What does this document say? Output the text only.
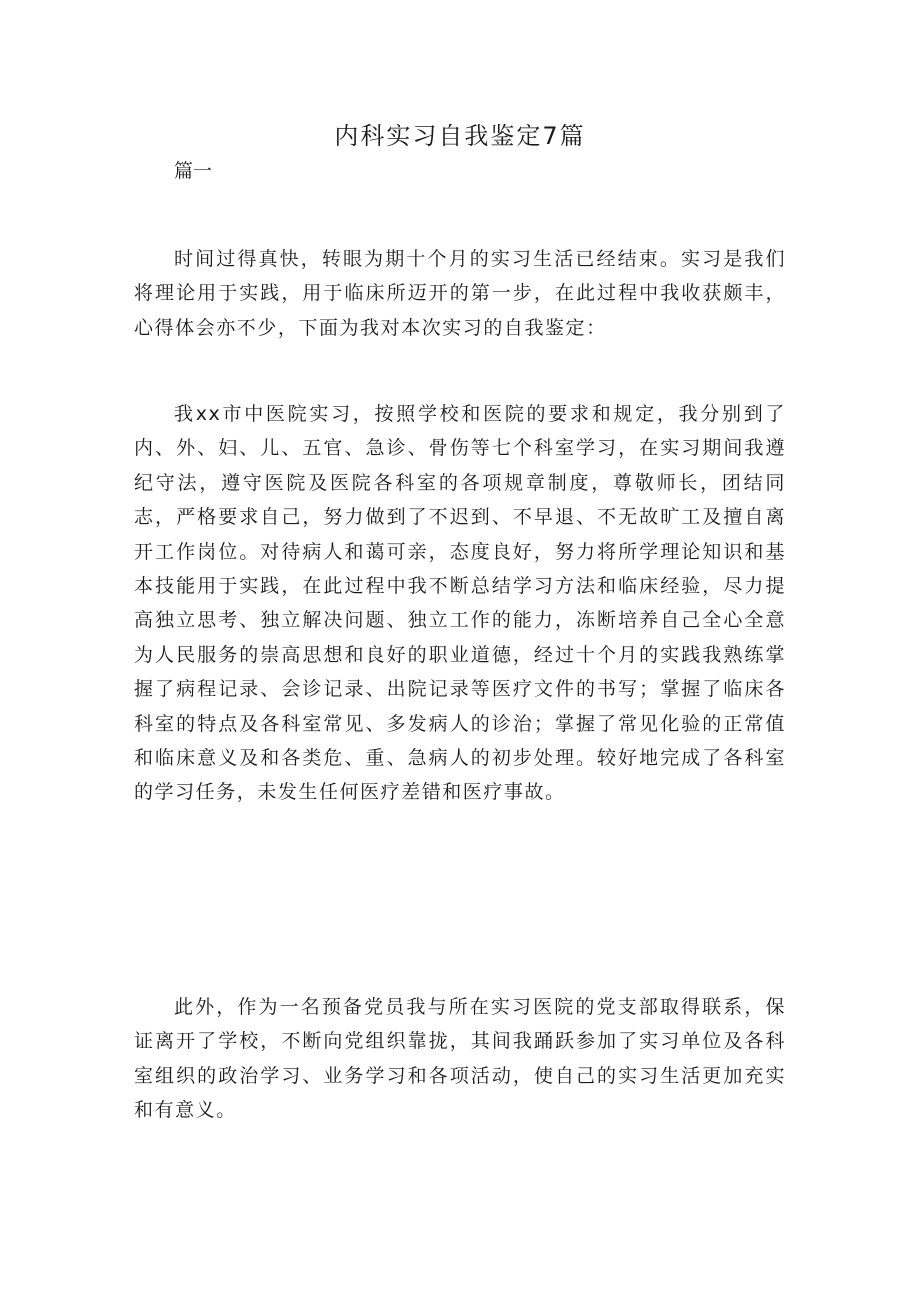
内科实习自我鉴定7篇

篇一

时间过得真快，转眼为期十个月的实习生活已经结束。实习是我们将理论用于实践，用于临床所迈开的第一步，在此过程中我收获颇丰，心得体会亦不少，下面为我对本次实习的自我鉴定：

我xx市中医院实习，按照学校和医院的要求和规定，我分别到了内、外、妇、儿、五官、急诊、骨伤等七个科室学习，在实习期间我遵纪守法，遵守医院及医院各科室的各项规章制度，尊敬师长，团结同志，严格要求自己，努力做到了不迟到、不早退、不无故旷工及擅自离开工作岗位。对待病人和蔼可亲，态度良好，努力将所学理论知识和基本技能用于实践，在此过程中我不断总结学习方法和临床经验，尽力提高独立思考、独立解决问题、独立工作的能力，冻断培养自己全心全意为人民服务的崇高思想和良好的职业道德，经过十个月的实践我熟练掌握了病程记录、会诊记录、出院记录等医疗文件的书写；掌握了临床各科室的特点及各科室常见、多发病人的诊治；掌握了常见化验的正常值和临床意义及和各类危、重、急病人的初步处理。较好地完成了各科室的学习任务，未发生任何医疗差错和医疗事故。

此外，作为一名预备党员我与所在实习医院的党支部取得联系，保证离开了学校，不断向党组织靠拢，其间我踊跃参加了实习单位及各科室组织的政治学习、业务学习和各项活动，使自己的实习生活更加充实和有意义。
